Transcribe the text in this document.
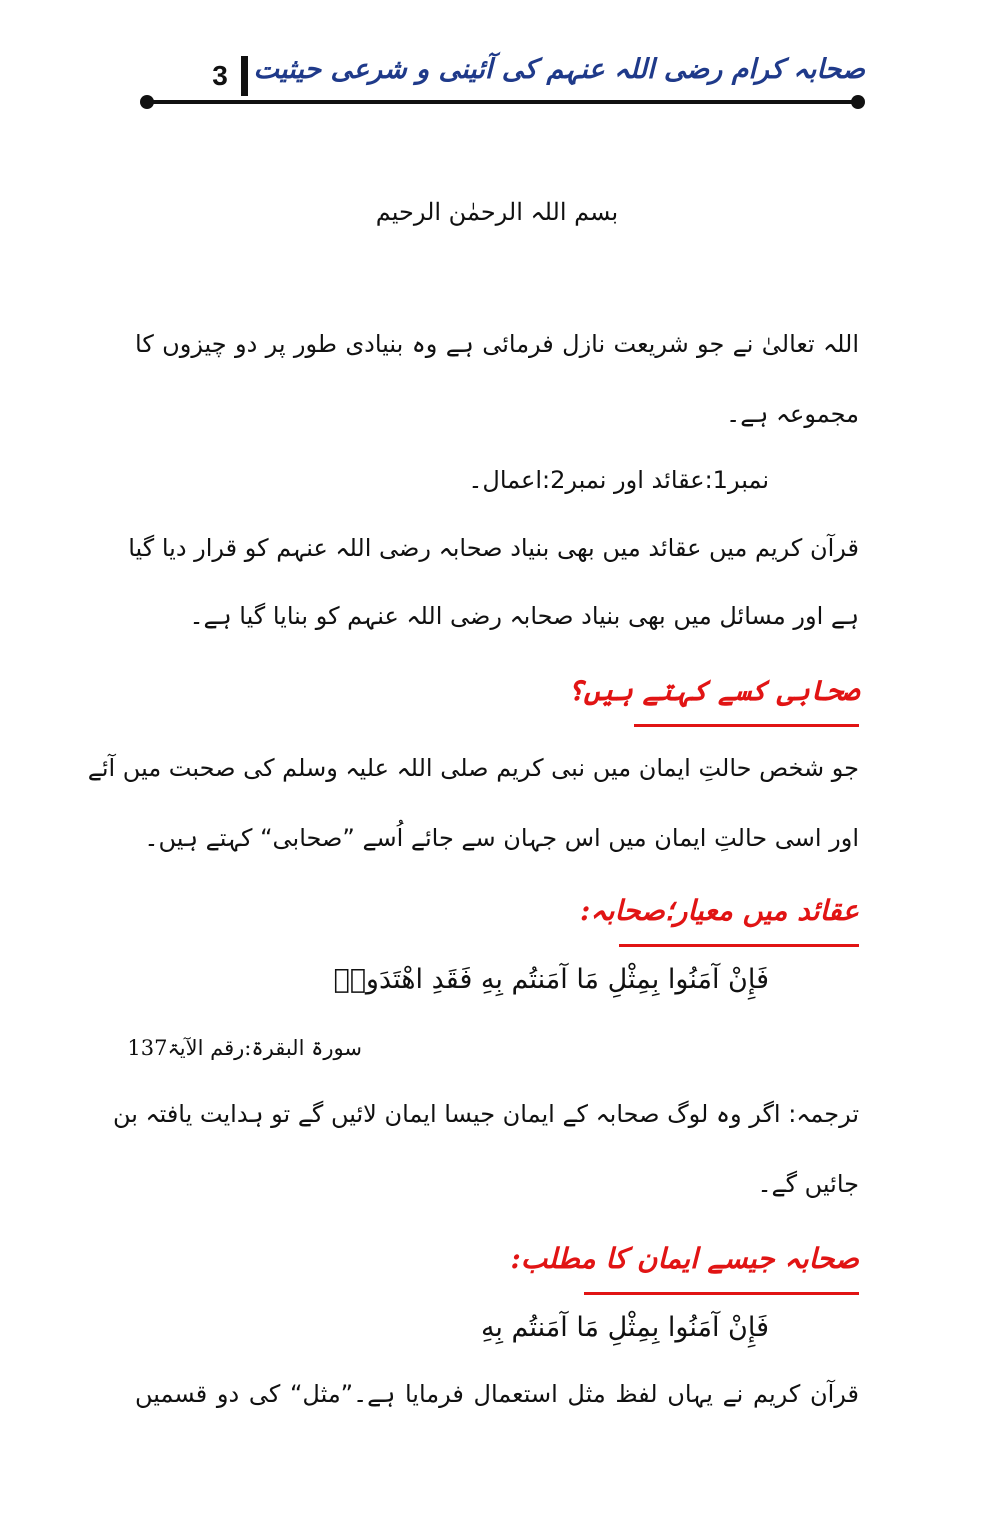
3 صحابہ کرام رضی اللہ عنہم کی آئینی و شرعی حیثیت
بسم اللہ الرحمٰن الرحیم
اللہ تعالیٰ نے جو شریعت نازل فرمائی ہے وہ بنیادی طور پر دو چیزوں کا
مجموعہ ہے۔
نمبر1:عقائد اور نمبر2:اعمال۔
قرآن کریم میں عقائد میں بھی بنیاد صحابہ رضی اللہ عنہم کو قرار دیا گیا
ہے اور مسائل میں بھی بنیاد صحابہ رضی اللہ عنہم کو بنایا گیا ہے۔
صحابی کسے کہتے ہیں؟
جو شخص حالتِ ایمان میں نبی کریم صلی اللہ علیہ وسلم کی صحبت میں آئے
اور اسی حالتِ ایمان میں اس جہان سے جائے اُسے ”صحابی“ کہتے ہیں۔
عقائد میں معیار؛صحابہ:
فَإِنْ آمَنُوا بِمِثْلِ مَا آمَنتُم بِهِ فَقَدِ اهْتَدَوا۟
سورۃ البقرۃ:رقم الآیۃ137
ترجمہ: اگر وہ لوگ صحابہ کے ایمان جیسا ایمان لائیں گے تو ہدایت یافتہ بن
جائیں گے۔
صحابہ جیسے ایمان کا مطلب:
فَإِنْ آمَنُوا بِمِثْلِ مَا آمَنتُم بِهِ
قرآن کریم نے یہاں لفظ مثل استعمال فرمایا ہے۔”مثل“ کی دو قسمیں
